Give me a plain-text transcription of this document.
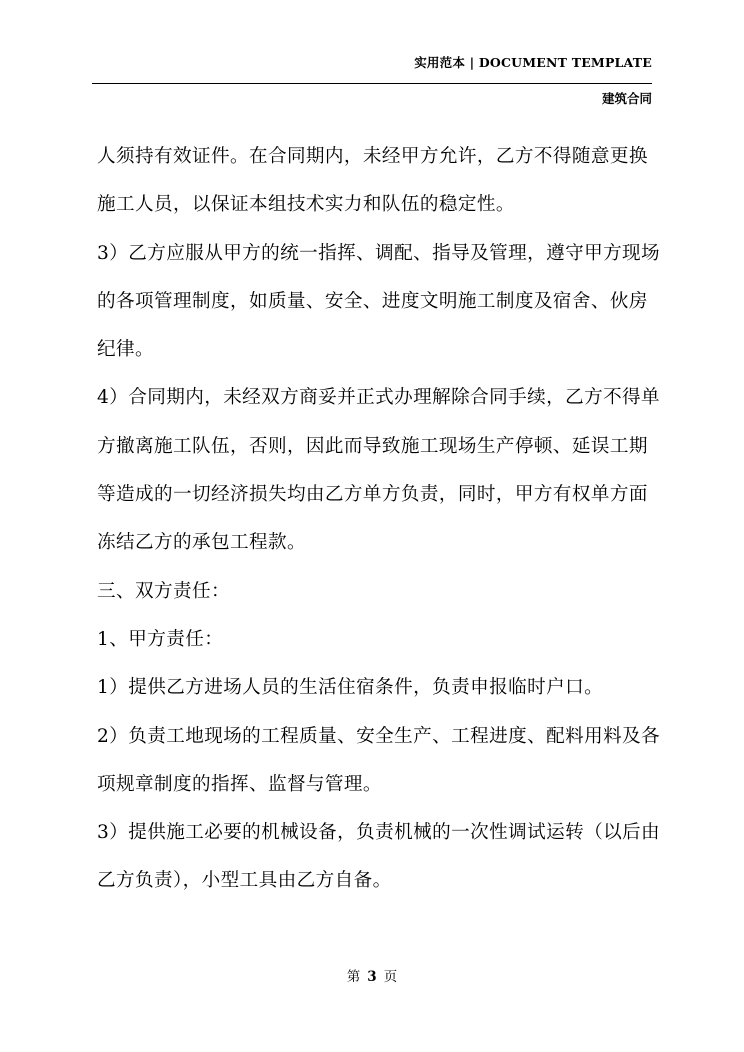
实用范本 | DOCUMENT TEMPLATE
建筑合同
人须持有效证件。在合同期内，未经甲方允许，乙方不得随意更换
施工人员，以保证本组技术实力和队伍的稳定性。
3）乙方应服从甲方的统一指挥、调配、指导及管理，遵守甲方现场
的各项管理制度，如质量、安全、进度文明施工制度及宿舍、伙房
纪律。
4）合同期内，未经双方商妥并正式办理解除合同手续，乙方不得单
方撤离施工队伍，否则，因此而导致施工现场生产停顿、延误工期
等造成的一切经济损失均由乙方单方负责，同时，甲方有权单方面
冻结乙方的承包工程款。
三、双方责任：
1、甲方责任：
1）提供乙方进场人员的生活住宿条件，负责申报临时户口。
2）负责工地现场的工程质量、安全生产、工程进度、配料用料及各
项规章制度的指挥、监督与管理。
3）提供施工必要的机械设备，负责机械的一次性调试运转（以后由
乙方负责），小型工具由乙方自备。
第 3 页
